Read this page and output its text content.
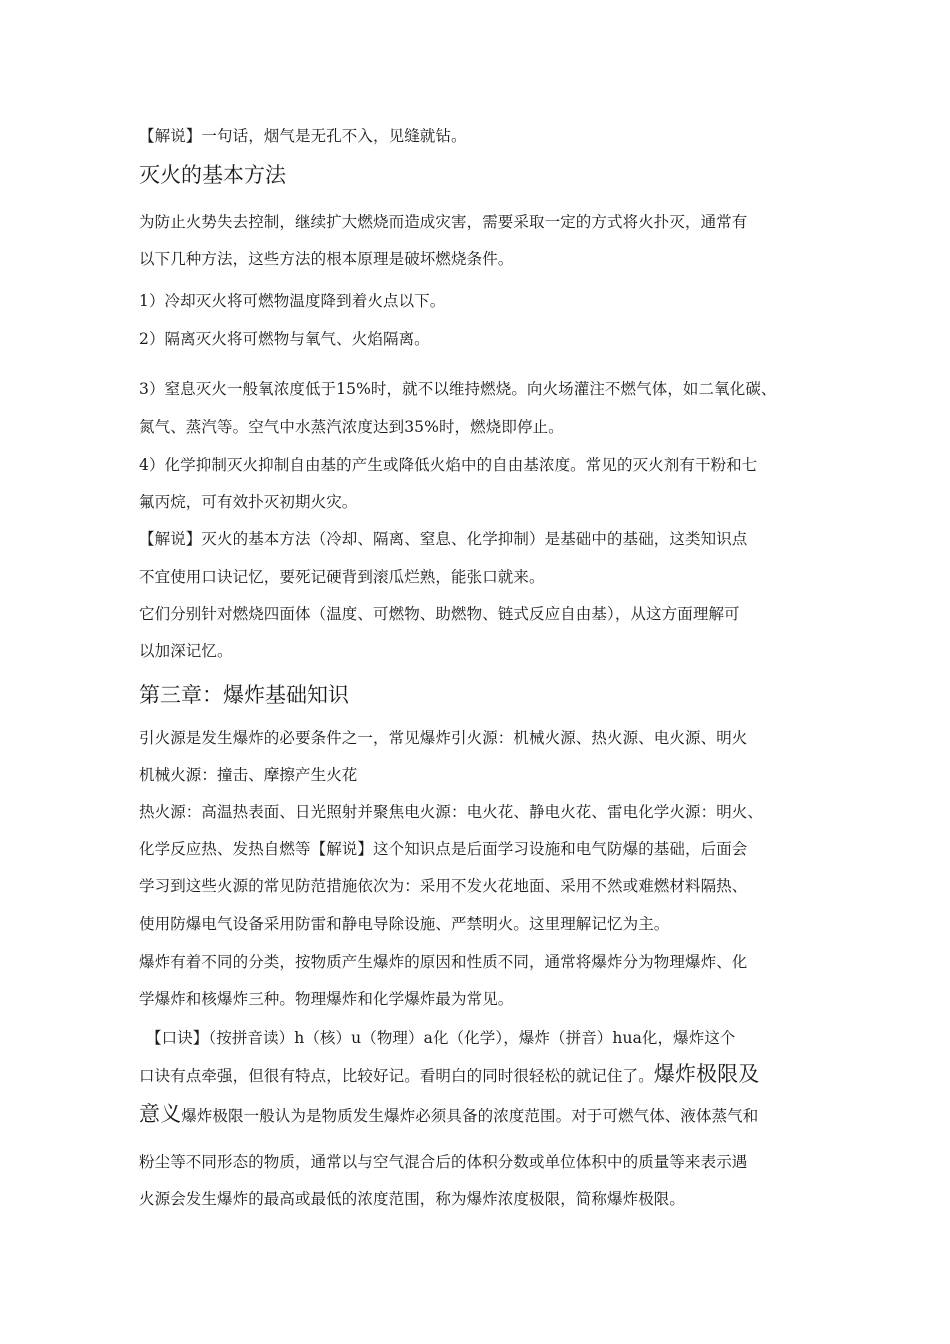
【解说】一句话，烟气是无孔不入，见缝就钻。
灭火的基本方法
为防止火势失去控制，继续扩大燃烧而造成灾害，需要采取一定的方式将火扑灭，通常有
以下几种方法，这些方法的根本原理是破坏燃烧条件。
1）冷却灭火将可燃物温度降到着火点以下。
2）隔离灭火将可燃物与氧气、火焰隔离。
3）窒息灭火一般氧浓度低于15%时，就不以维持燃烧。向火场灌注不燃气体，如二氧化碳、
氮气、蒸汽等。空气中水蒸汽浓度达到35%时，燃烧即停止。
4）化学抑制灭火抑制自由基的产生或降低火焰中的自由基浓度。常见的灭火剂有干粉和七
氟丙烷，可有效扑灭初期火灾。
【解说】灭火的基本方法（冷却、隔离、窒息、化学抑制）是基础中的基础，这类知识点
不宜使用口诀记忆，要死记硬背到滚瓜烂熟，能张口就来。
它们分别针对燃烧四面体（温度、可燃物、助燃物、链式反应自由基），从这方面理解可
以加深记忆。
第三章：爆炸基础知识
引火源是发生爆炸的必要条件之一，常见爆炸引火源：机械火源、热火源、电火源、明火
机械火源：撞击、摩擦产生火花
热火源：高温热表面、日光照射并聚焦电火源：电火花、静电火花、雷电化学火源：明火、
化学反应热、发热自燃等【解说】这个知识点是后面学习设施和电气防爆的基础，后面会
学习到这些火源的常见防范措施依次为：采用不发火花地面、采用不然或难燃材料隔热、
使用防爆电气设备采用防雷和静电导除设施、严禁明火。这里理解记忆为主。
爆炸有着不同的分类，按物质产生爆炸的原因和性质不同，通常将爆炸分为物理爆炸、化
学爆炸和核爆炸三种。物理爆炸和化学爆炸最为常见。
【口诀】（按拼音读）h（核）u（物理）a化（化学），爆炸（拼音）hua化，爆炸这个
口诀有点牵强，但很有特点，比较好记。看明白的同时很轻松的就记住了。爆炸极限及
意义爆炸极限一般认为是物质发生爆炸必须具备的浓度范围。对于可燃气体、液体蒸气和
粉尘等不同形态的物质，通常以与空气混合后的体积分数或单位体积中的质量等来表示遇
火源会发生爆炸的最高或最低的浓度范围，称为爆炸浓度极限，简称爆炸极限。
